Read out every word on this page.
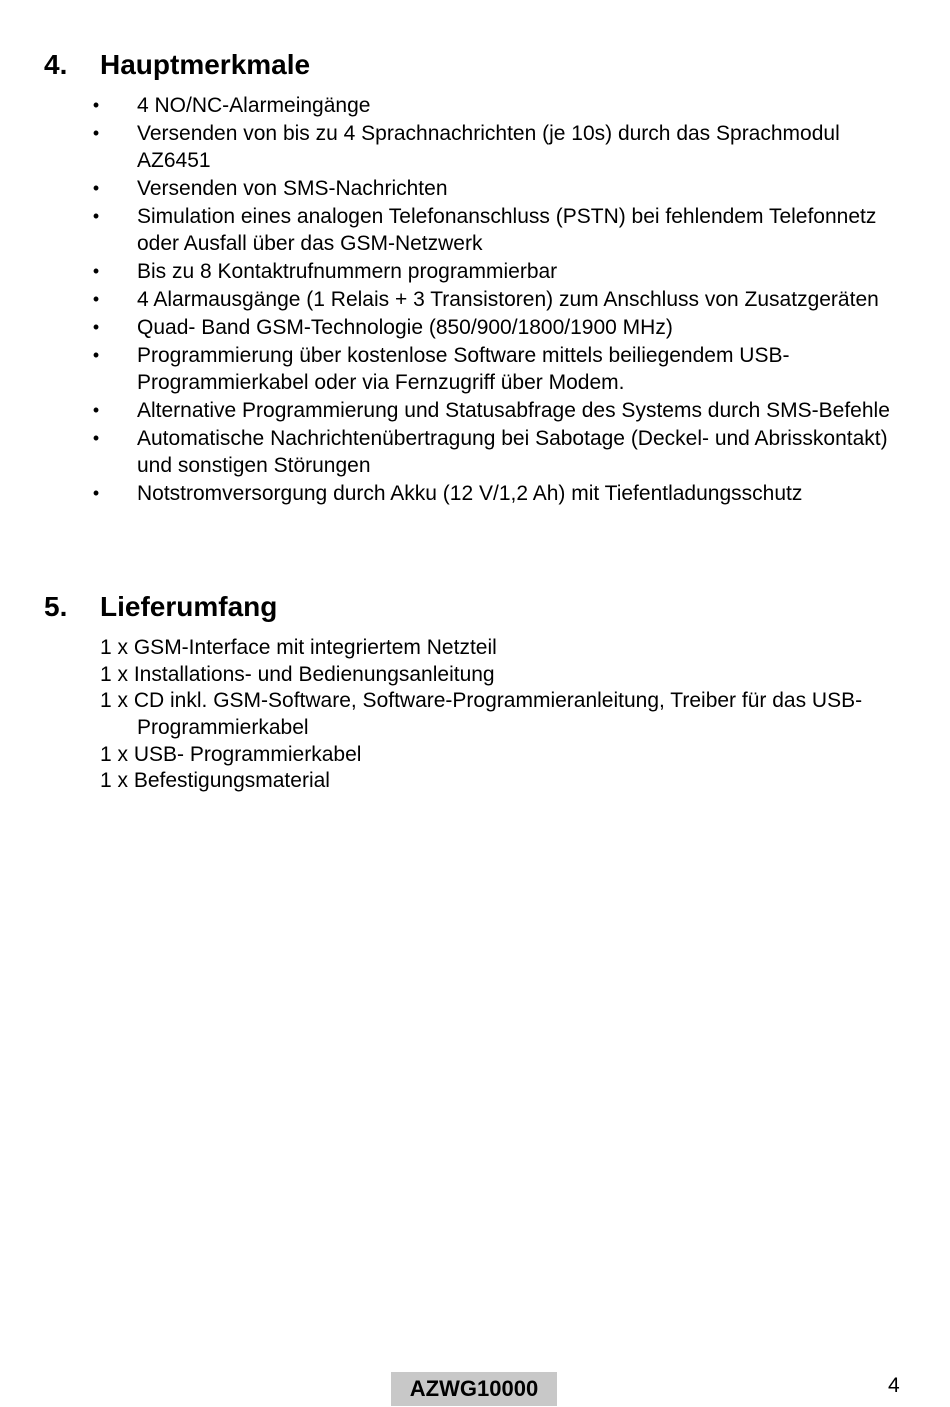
4. Hauptmerkmale
• 4 NO/NC-Alarmeingänge
• Versenden von bis zu 4 Sprachnachrichten (je 10s) durch das Sprachmodul AZ6451
• Versenden von SMS-Nachrichten
• Simulation eines analogen Telefonanschluss (PSTN) bei fehlendem Telefonnetz oder Ausfall über das GSM-Netzwerk
• Bis zu 8 Kontaktrufnummern programmierbar
• 4 Alarmausgänge (1 Relais + 3 Transistoren) zum Anschluss von Zusatzgeräten
• Quad- Band GSM-Technologie (850/900/1800/1900 MHz)
• Programmierung über kostenlose Software mittels beiliegendem USB-Programmierkabel oder via Fernzugriff über Modem.
• Alternative Programmierung und Statusabfrage des Systems durch SMS-Befehle
• Automatische Nachrichtenübertragung bei Sabotage (Deckel- und Abrisskontakt) und sonstigen Störungen
• Notstromversorgung durch Akku (12 V/1,2 Ah) mit Tiefentladungsschutz
5. Lieferumfang
1 x GSM-Interface mit integriertem Netzteil
1 x Installations- und Bedienungsanleitung
1 x CD inkl. GSM-Software, Software-Programmieranleitung, Treiber für das USB- Programmierkabel
1 x USB- Programmierkabel
1 x Befestigungsmaterial
AZWG10000	4
